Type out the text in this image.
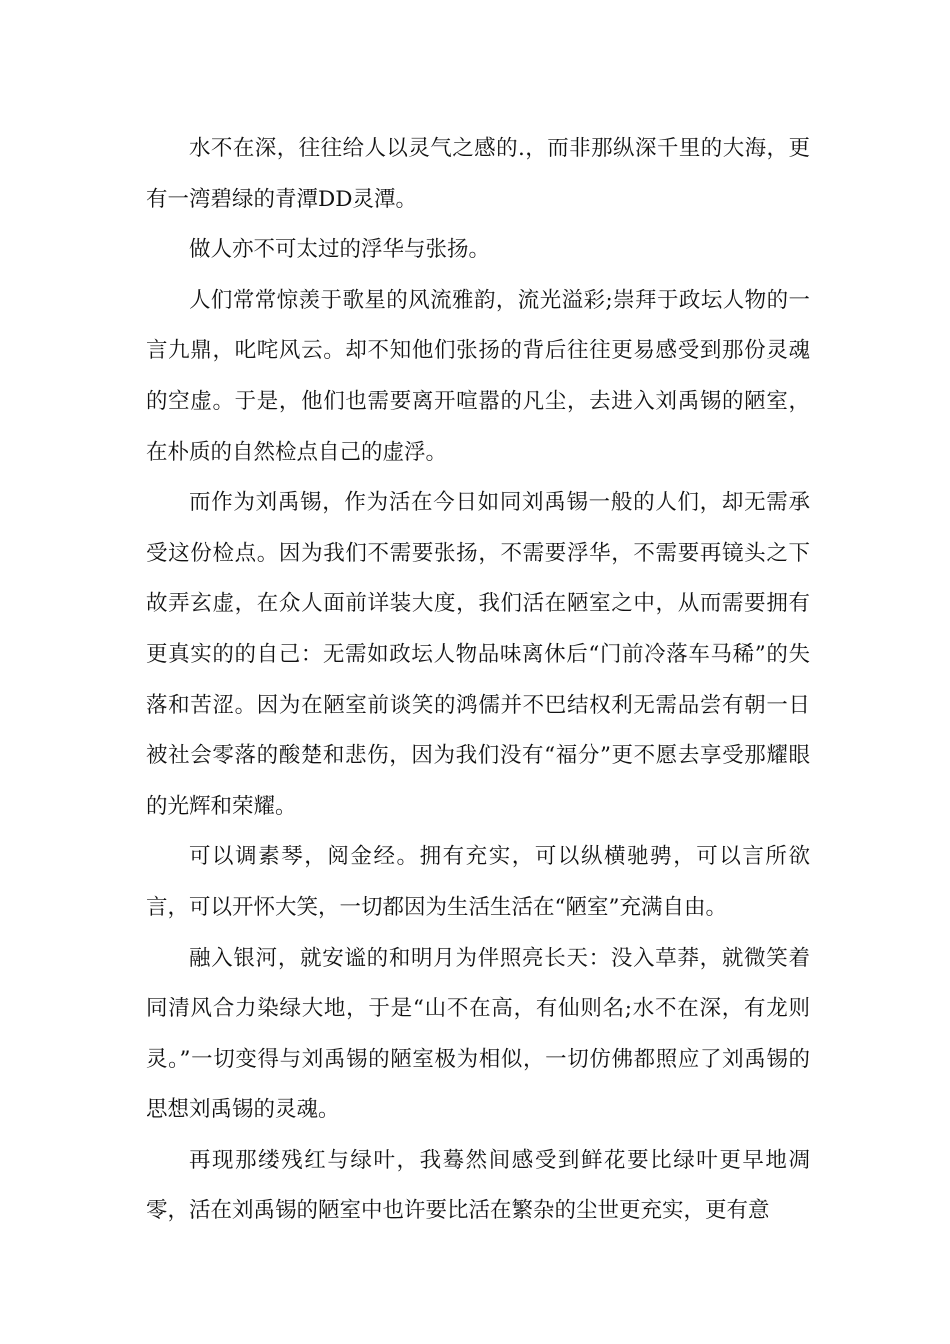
水不在深，往往给人以灵气之感的.，而非那纵深千里的大海，更有一湾碧绿的青潭DD灵潭。

做人亦不可太过的浮华与张扬。

人们常常惊羡于歌星的风流雅韵，流光溢彩;崇拜于政坛人物的一言九鼎，叱咤风云。却不知他们张扬的背后往往更易感受到那份灵魂的空虚。于是，他们也需要离开喧嚣的凡尘，去进入刘禹锡的陋室，在朴质的自然检点自己的虚浮。

而作为刘禹锡，作为活在今日如同刘禹锡一般的人们，却无需承受这份检点。因为我们不需要张扬，不需要浮华，不需要再镜头之下故弄玄虚，在众人面前详装大度，我们活在陋室之中，从而需要拥有更真实的的自己：无需如政坛人物品味离休后“门前冷落车马稀”的失落和苦涩。因为在陋室前谈笑的鸿儒并不巴结权利无需品尝有朝一日被社会零落的酸楚和悲伤，因为我们没有“福分”更不愿去享受那耀眼的光辉和荣耀。

可以调素琴，阅金经。拥有充实，可以纵横驰骋，可以言所欲言，可以开怀大笑，一切都因为生活生活在“陋室”充满自由。

融入银河，就安谧的和明月为伴照亮长天：没入草莽，就微笑着同清风合力染绿大地，于是“山不在高，有仙则名;水不在深，有龙则灵。”一切变得与刘禹锡的陋室极为相似，一切仿佛都照应了刘禹锡的思想刘禹锡的灵魂。

再现那缕残红与绿叶，我蓦然间感受到鲜花要比绿叶更早地凋零，活在刘禹锡的陋室中也许要比活在繁杂的尘世更充实，更有意
